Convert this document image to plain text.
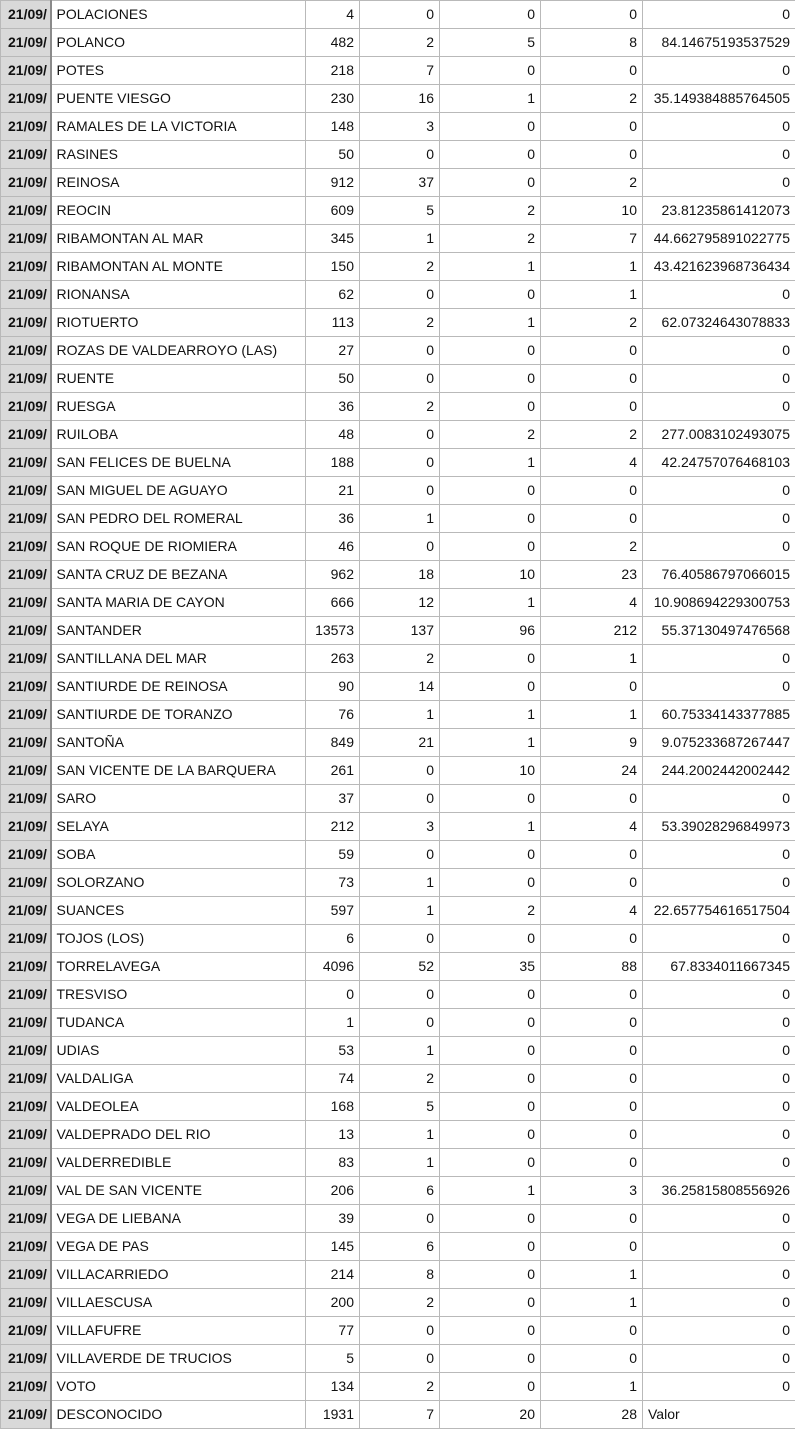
21/09/	POLACIONES	4	0	0	0	0
21/09/	POLANCO	482	2	5	8	84.14675193537529
21/09/	POTES	218	7	0	0	0
21/09/	PUENTE VIESGO	230	16	1	2	35.149384885764505
21/09/	RAMALES DE LA VICTORIA	148	3	0	0	0
21/09/	RASINES	50	0	0	0	0
21/09/	REINOSA	912	37	0	2	0
21/09/	REOCIN	609	5	2	10	23.81235861412073
21/09/	RIBAMONTAN AL MAR	345	1	2	7	44.662795891022775
21/09/	RIBAMONTAN AL MONTE	150	2	1	1	43.421623968736434
21/09/	RIONANSA	62	0	0	1	0
21/09/	RIOTUERTO	113	2	1	2	62.07324643078833
21/09/	ROZAS DE VALDEARROYO (LAS)	27	0	0	0	0
21/09/	RUENTE	50	0	0	0	0
21/09/	RUESGA	36	2	0	0	0
21/09/	RUILOBA	48	0	2	2	277.0083102493075
21/09/	SAN FELICES DE BUELNA	188	0	1	4	42.24757076468103
21/09/	SAN MIGUEL DE AGUAYO	21	0	0	0	0
21/09/	SAN PEDRO DEL ROMERAL	36	1	0	0	0
21/09/	SAN ROQUE DE RIOMIERA	46	0	0	2	0
21/09/	SANTA CRUZ DE BEZANA	962	18	10	23	76.40586797066015
21/09/	SANTA MARIA DE CAYON	666	12	1	4	10.908694229300753
21/09/	SANTANDER	13573	137	96	212	55.37130497476568
21/09/	SANTILLANA DEL MAR	263	2	0	1	0
21/09/	SANTIURDE DE REINOSA	90	14	0	0	0
21/09/	SANTIURDE DE TORANZO	76	1	1	1	60.75334143377885
21/09/	SANTOÑA	849	21	1	9	9.075233687267447
21/09/	SAN VICENTE DE LA BARQUERA	261	0	10	24	244.2002442002442
21/09/	SARO	37	0	0	0	0
21/09/	SELAYA	212	3	1	4	53.39028296849973
21/09/	SOBA	59	0	0	0	0
21/09/	SOLORZANO	73	1	0	0	0
21/09/	SUANCES	597	1	2	4	22.657754616517504
21/09/	TOJOS (LOS)	6	0	0	0	0
21/09/	TORRELAVEGA	4096	52	35	88	67.8334011667345
21/09/	TRESVISO	0	0	0	0	0
21/09/	TUDANCA	1	0	0	0	0
21/09/	UDIAS	53	1	0	0	0
21/09/	VALDALIGA	74	2	0	0	0
21/09/	VALDEOLEA	168	5	0	0	0
21/09/	VALDEPRADO DEL RIO	13	1	0	0	0
21/09/	VALDERREDIBLE	83	1	0	0	0
21/09/	VAL DE SAN VICENTE	206	6	1	3	36.25815808556926
21/09/	VEGA DE LIEBANA	39	0	0	0	0
21/09/	VEGA DE PAS	145	6	0	0	0
21/09/	VILLACARRIEDO	214	8	0	1	0
21/09/	VILLAESCUSA	200	2	0	1	0
21/09/	VILLAFUFRE	77	0	0	0	0
21/09/	VILLAVERDE DE TRUCIOS	5	0	0	0	0
21/09/	VOTO	134	2	0	1	0
21/09/	DESCONOCIDO	1931	7	20	28	Valor
